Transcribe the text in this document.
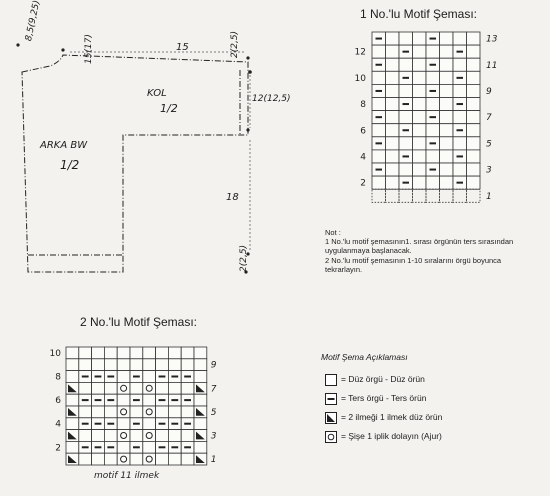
8,5(9,25)
15(17)	15	2(2,5)
12(12,5)
18
2(2,5)
KOL
1/2
ARKA BW
1/2
1 No.'lu Motif Şeması:
12
10
8
6
4
2
13
11
9
7
5
3
1
Not :
1 No.'lu motif şemasının1. sırası örgünün ters sırasından
uygulanmaya başlanacak.
2 No.'lu motif şemasının 1-10 sıralarını örgü boyunca
tekrarlayın.
2 No.'lu Motif Şeması:
10
8
6
4
2
9
7
5
3
1
motif 11 ilmek
Motif Şema Açıklaması
= Düz örgü - Düz örün
= Ters örgü - Ters örün
= 2 ilmeği 1 ilmek düz örün
= Şişe 1 iplik dolayın (Ajur)
